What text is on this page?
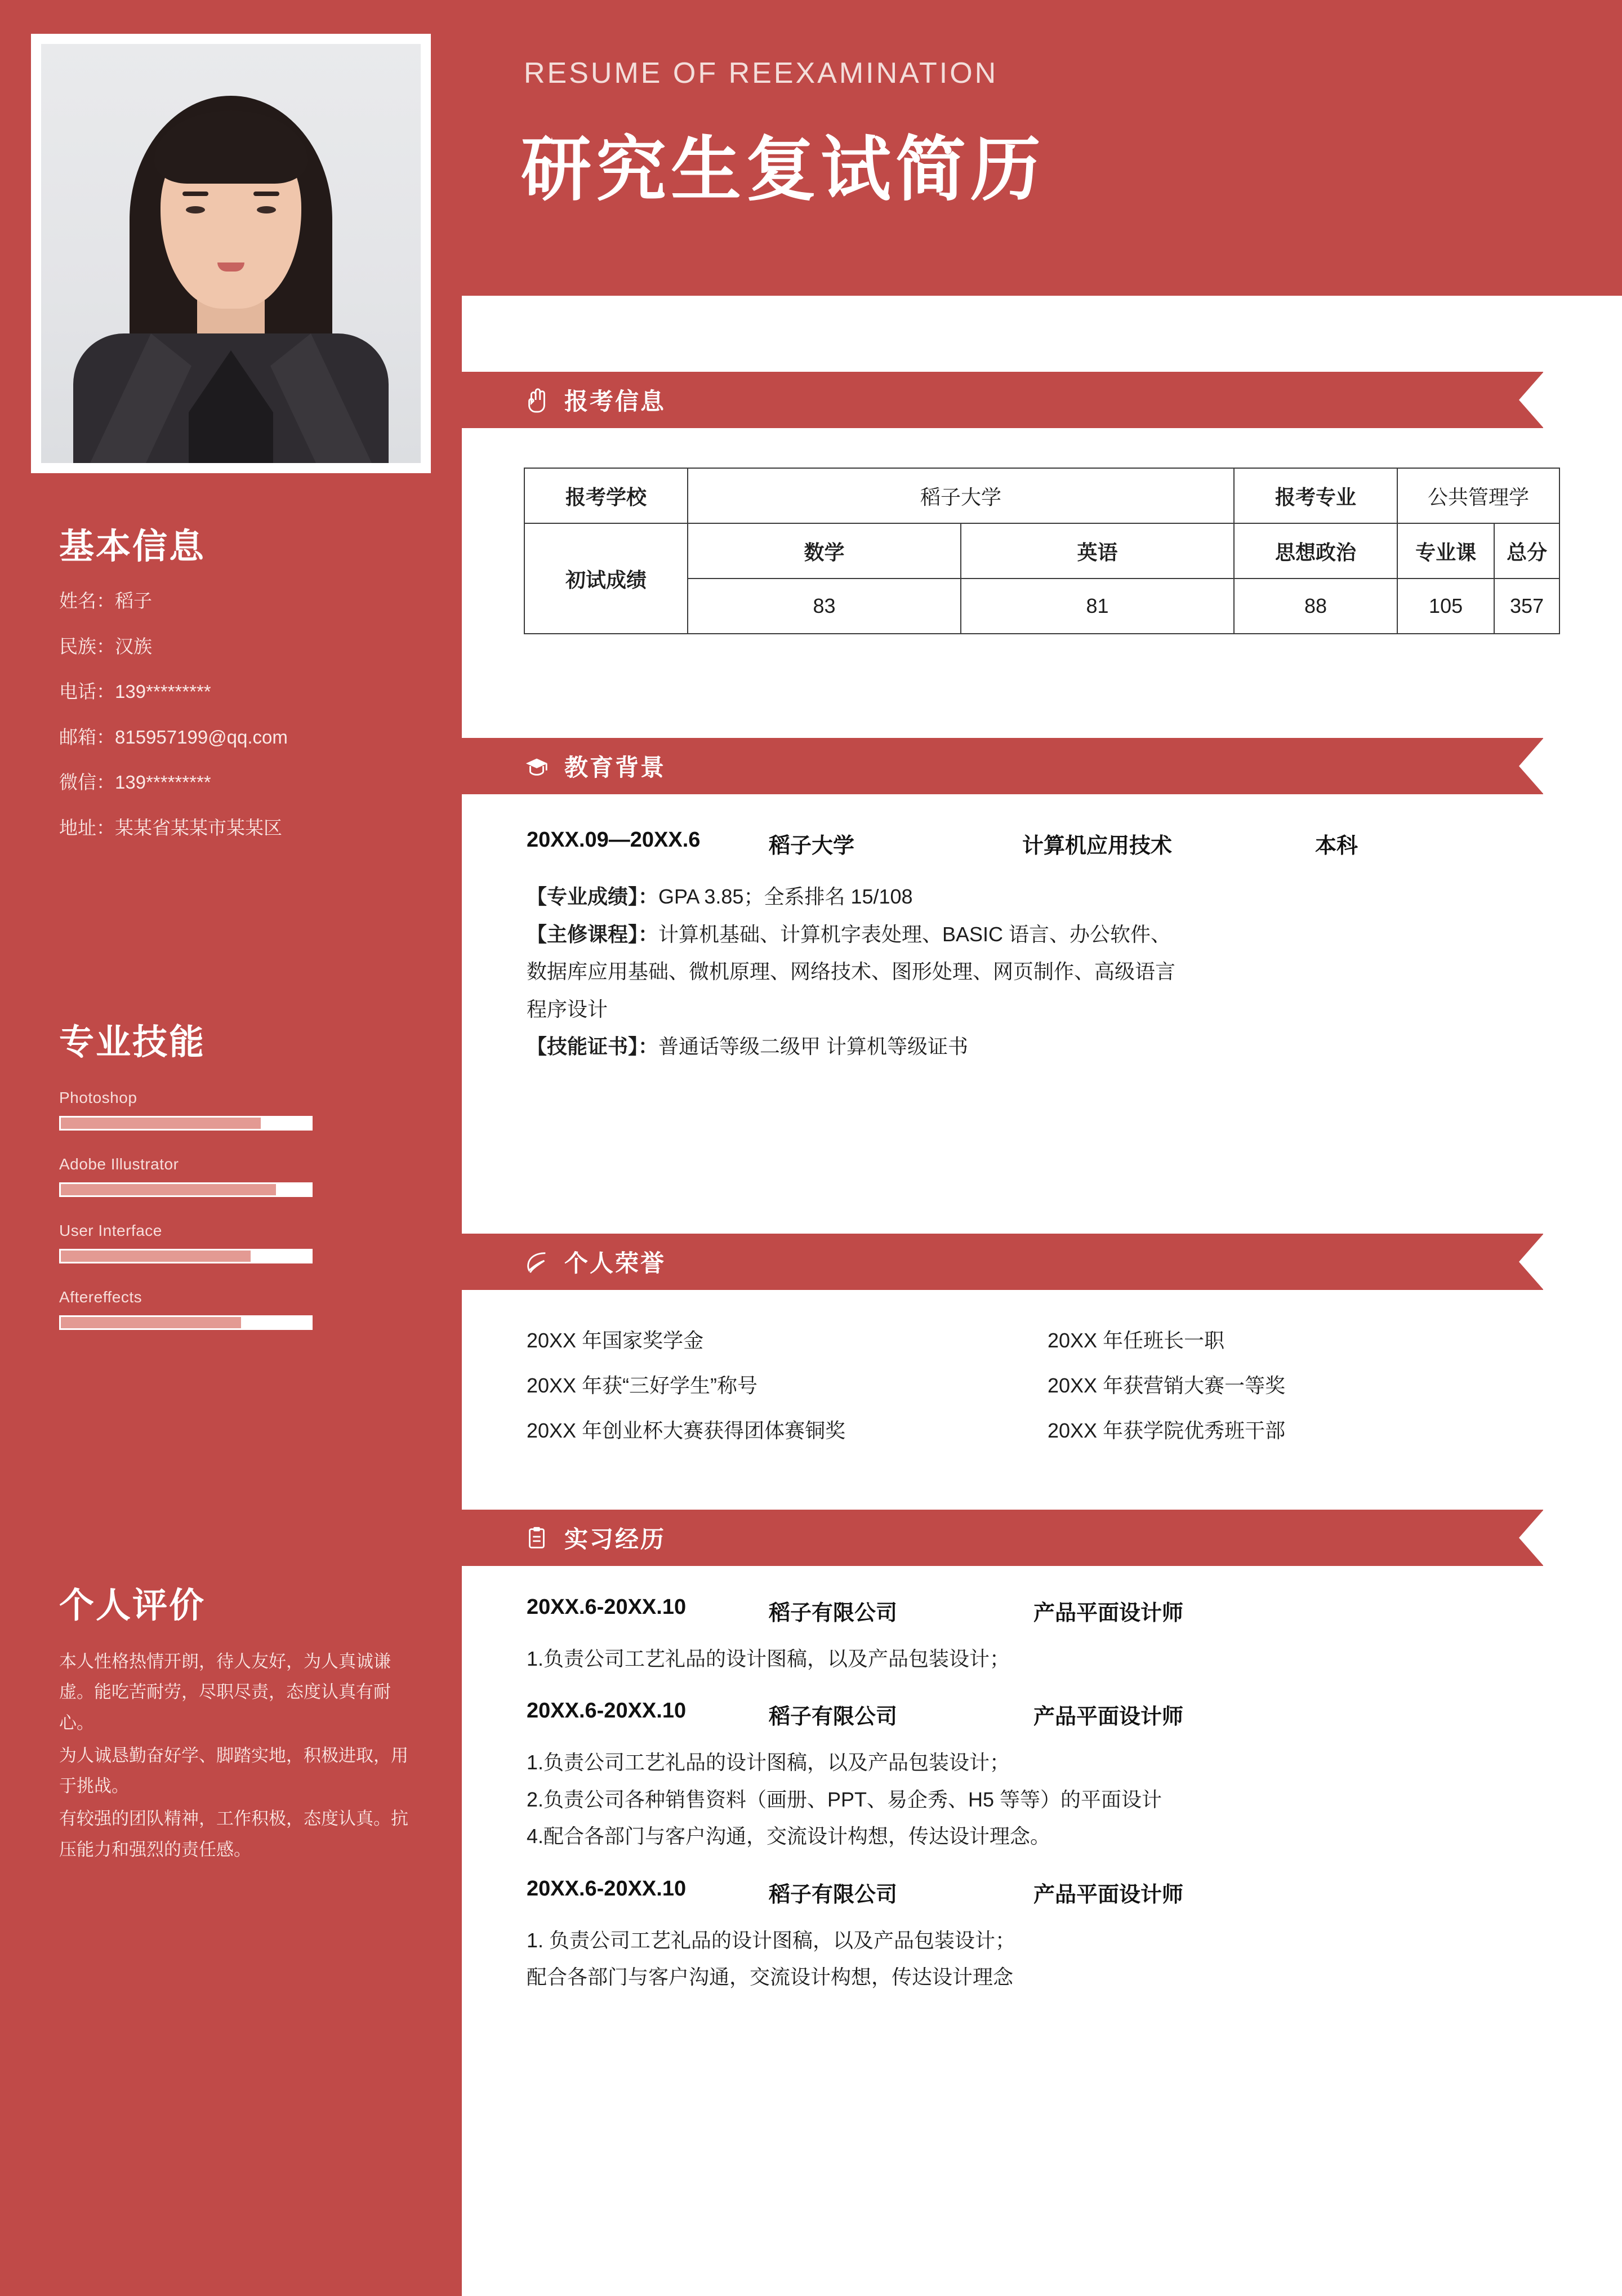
基本信息
姓名：稻子
民族：汉族
电话：139*********
邮箱：815957199@qq.com
微信：139*********
地址：某某省某某市某某区
专业技能
Photoshop
Adobe Illustrator
User Interface
Aftereffects
个人评价

本人性格热情开朗，待人友好，为人真诚谦虚。能吃苦耐劳，尽职尽责，态度认真有耐心。

为人诚恳勤奋好学、脚踏实地，积极进取，用于挑战。

有较强的团队精神，工作积极，态度认真。抗压能力和强烈的责任感。

RESUME OF REEXAMINATION
研究生复试简历
报考信息
报考学校	稻子大学		报考专业	公共管理学	
初试成绩	数学	英语	思想政治	专业课	总分
	83	81	88	105	357
教育背景
20XX.09—20XX.6	稻子大学	计算机应用技术	本科
【专业成绩】：GPA 3.85；全系排名 15/108
【主修课程】：计算机基础、计算机字表处理、BASIC 语言、办公软件、
数据库应用基础、微机原理、网络技术、图形处理、网页制作、高级语言
程序设计
【技能证书】：普通话等级二级甲 计算机等级证书
个人荣誉
20XX 年国家奖学金	20XX 年任班长一职
20XX 年获“三好学生”称号	20XX 年获营销大赛一等奖
20XX 年创业杯大赛获得团体赛铜奖	20XX 年获学院优秀班干部
实习经历
20XX.6-20XX.10	稻子有限公司	产品平面设计师
1.负责公司工艺礼品的设计图稿，以及产品包装设计；
20XX.6-20XX.10	稻子有限公司	产品平面设计师
1.负责公司工艺礼品的设计图稿，以及产品包装设计；
2.负责公司各种销售资料（画册、PPT、易企秀、H5 等等）的平面设计
4.配合各部门与客户沟通，交流设计构想，传达设计理念。
20XX.6-20XX.10	稻子有限公司	产品平面设计师
1. 负责公司工艺礼品的设计图稿，以及产品包装设计；
配合各部门与客户沟通，交流设计构想，传达设计理念
